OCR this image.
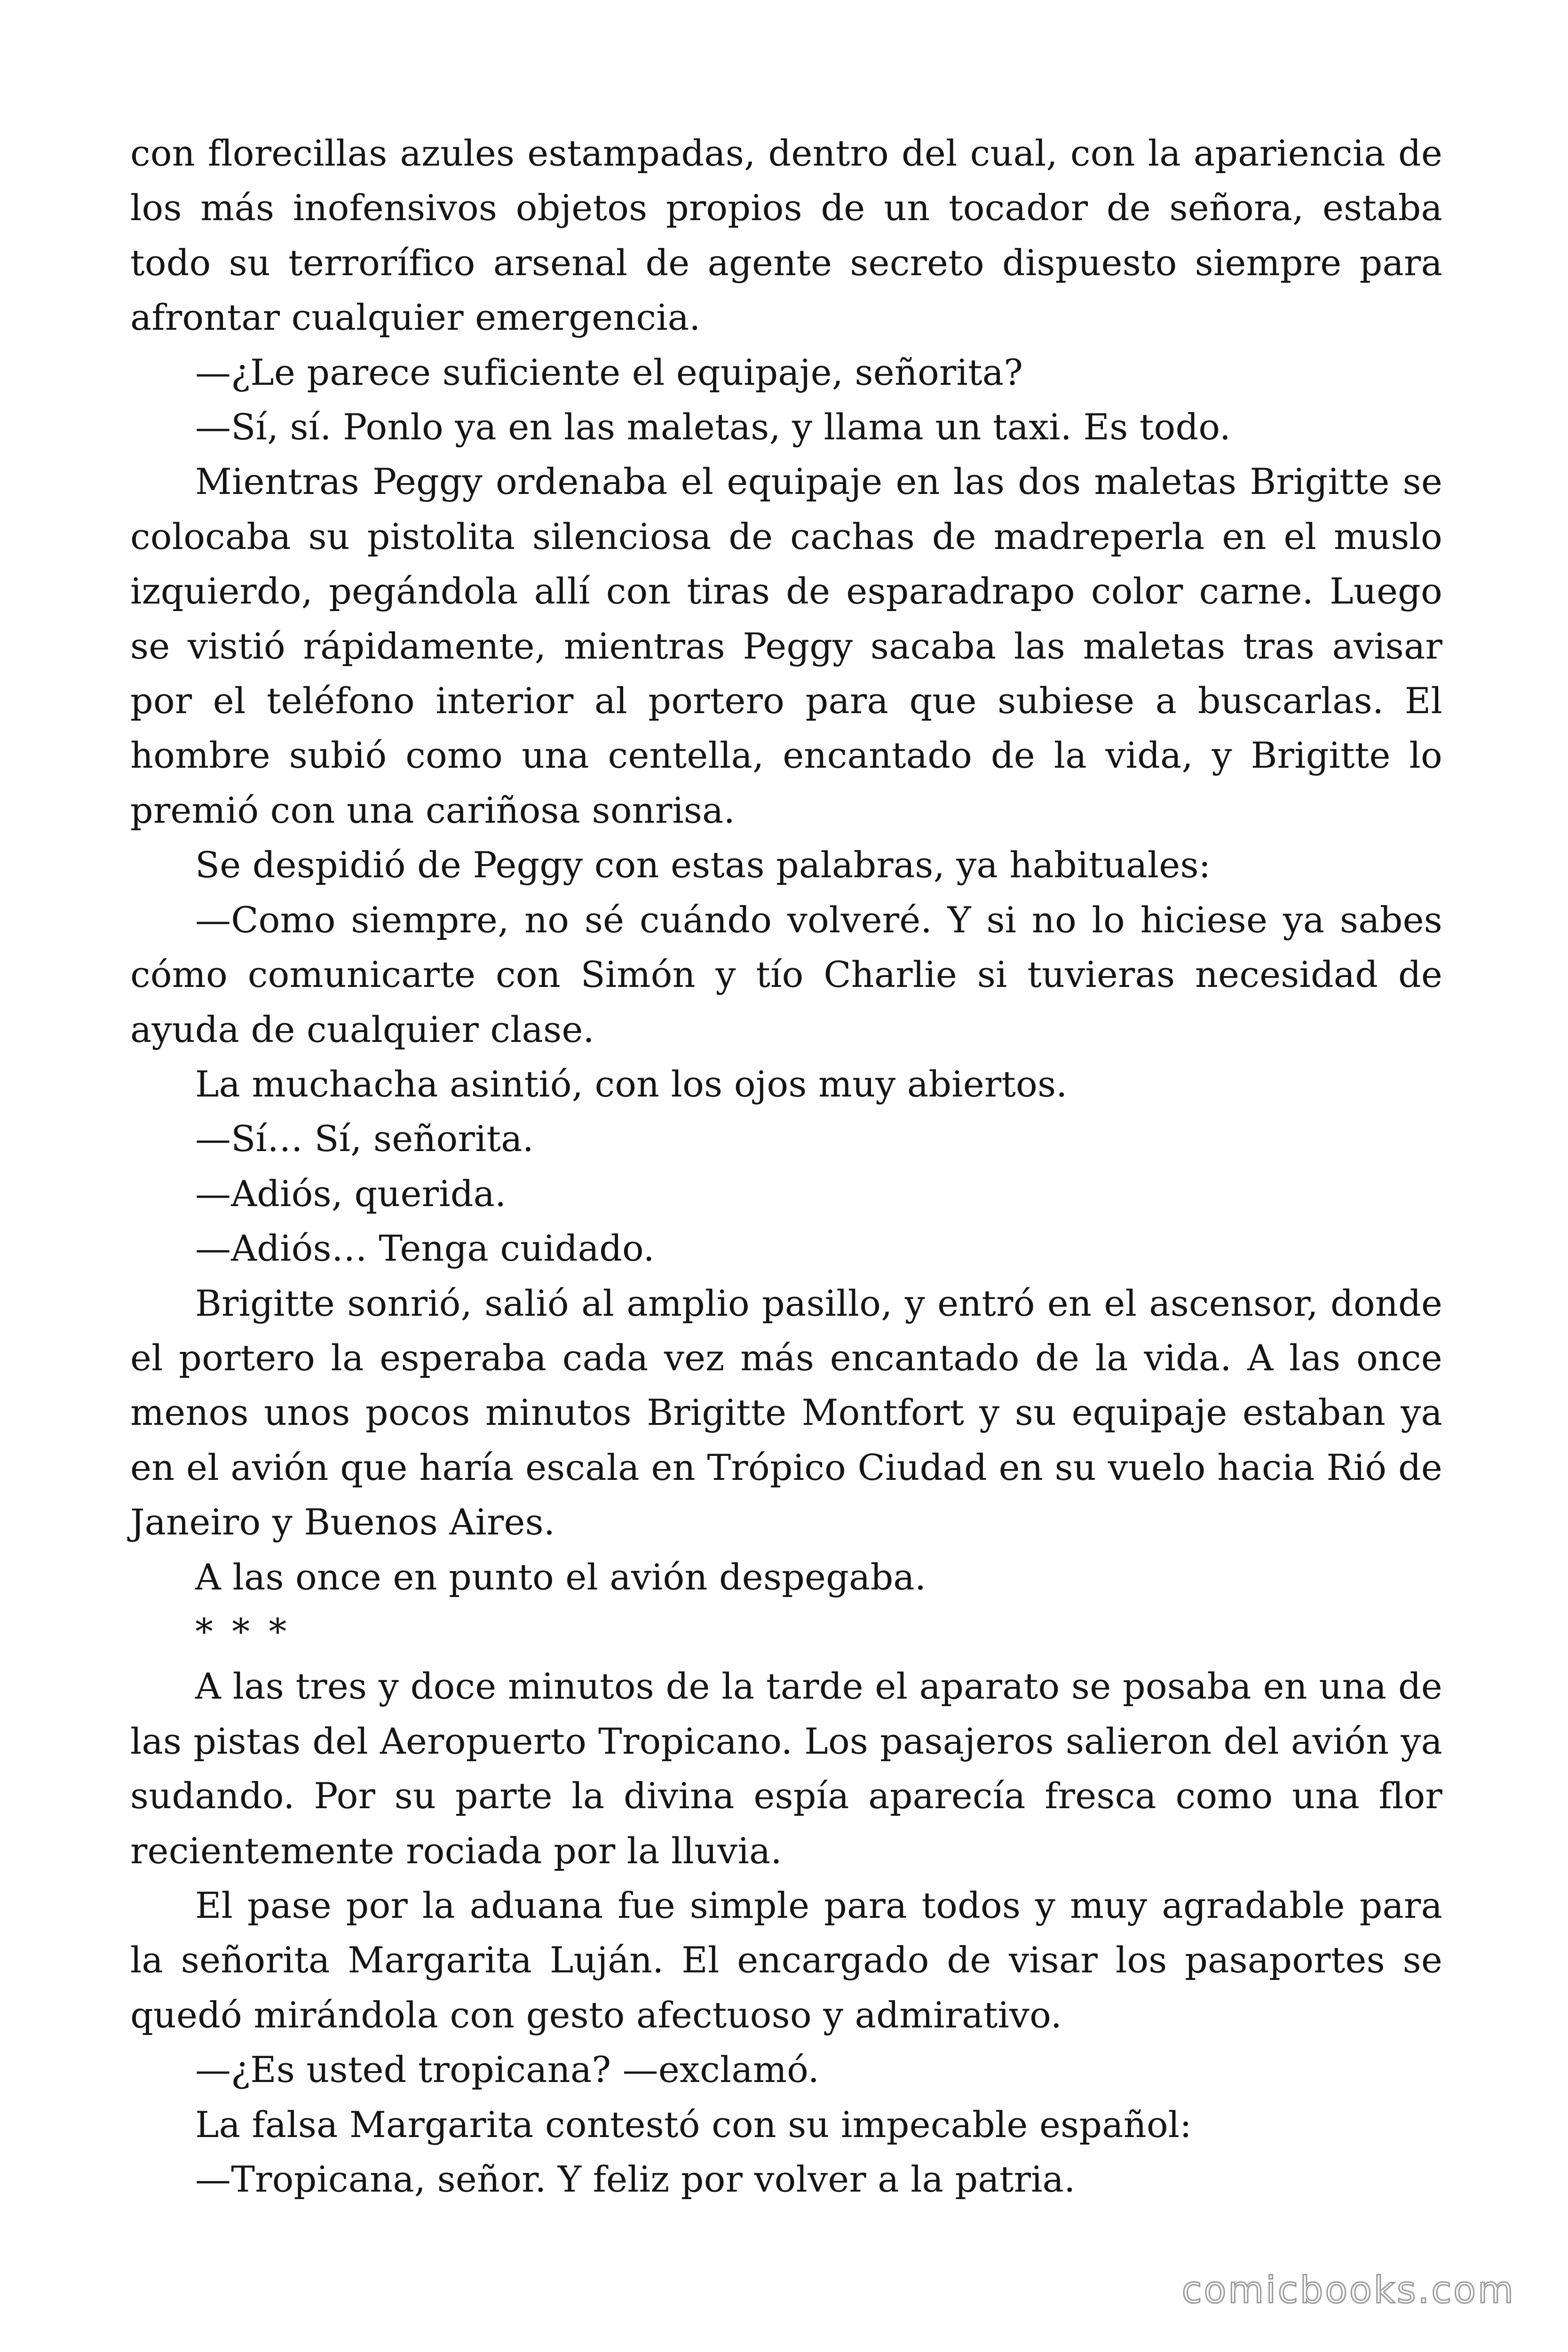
con florecillas azules estampadas, dentro del cual, con la apariencia de los más inofensivos objetos propios de un tocador de señora, estaba todo su terrorífico arsenal de agente secreto dispuesto siempre para afrontar cualquier emergencia.

—¿Le parece suficiente el equipaje, señorita?

—Sí, sí. Ponlo ya en las maletas, y llama un taxi. Es todo.

Mientras Peggy ordenaba el equipaje en las dos maletas Brigitte se colocaba su pistolita silenciosa de cachas de madreperla en el muslo izquierdo, pegándola allí con tiras de esparadrapo color carne. Luego se vistió rápidamente, mientras Peggy sacaba las maletas tras avisar por el teléfono interior al portero para que subiese a buscarlas. El hombre subió como una centella, encantado de la vida, y Brigitte lo premió con una cariñosa sonrisa.

Se despidió de Peggy con estas palabras, ya habituales:

—Como siempre, no sé cuándo volveré. Y si no lo hiciese ya sabes cómo comunicarte con Simón y tío Charlie si tuvieras necesidad de ayuda de cualquier clase.

La muchacha asintió, con los ojos muy abiertos.

—Sí… Sí, señorita.

—Adiós, querida.

—Adiós… Tenga cuidado.

Brigitte sonrió, salió al amplio pasillo, y entró en el ascensor, donde el portero la esperaba cada vez más encantado de la vida. A las once menos unos pocos minutos Brigitte Montfort y su equipaje estaban ya en el avión que haría escala en Trópico Ciudad en su vuelo hacia Rió de Janeiro y Buenos Aires.

A las once en punto el avión despegaba.

* * *

A las tres y doce minutos de la tarde el aparato se posaba en una de las pistas del Aeropuerto Tropicano. Los pasajeros salieron del avión ya sudando. Por su parte la divina espía aparecía fresca como una flor recientemente rociada por la lluvia.

El pase por la aduana fue simple para todos y muy agradable para la señorita Margarita Luján. El encargado de visar los pasaportes se quedó mirándola con gesto afectuoso y admirativo.

—¿Es usted tropicana? —exclamó.

La falsa Margarita contestó con su impecable español:

—Tropicana, señor. Y feliz por volver a la patria.

comicbooks.com
